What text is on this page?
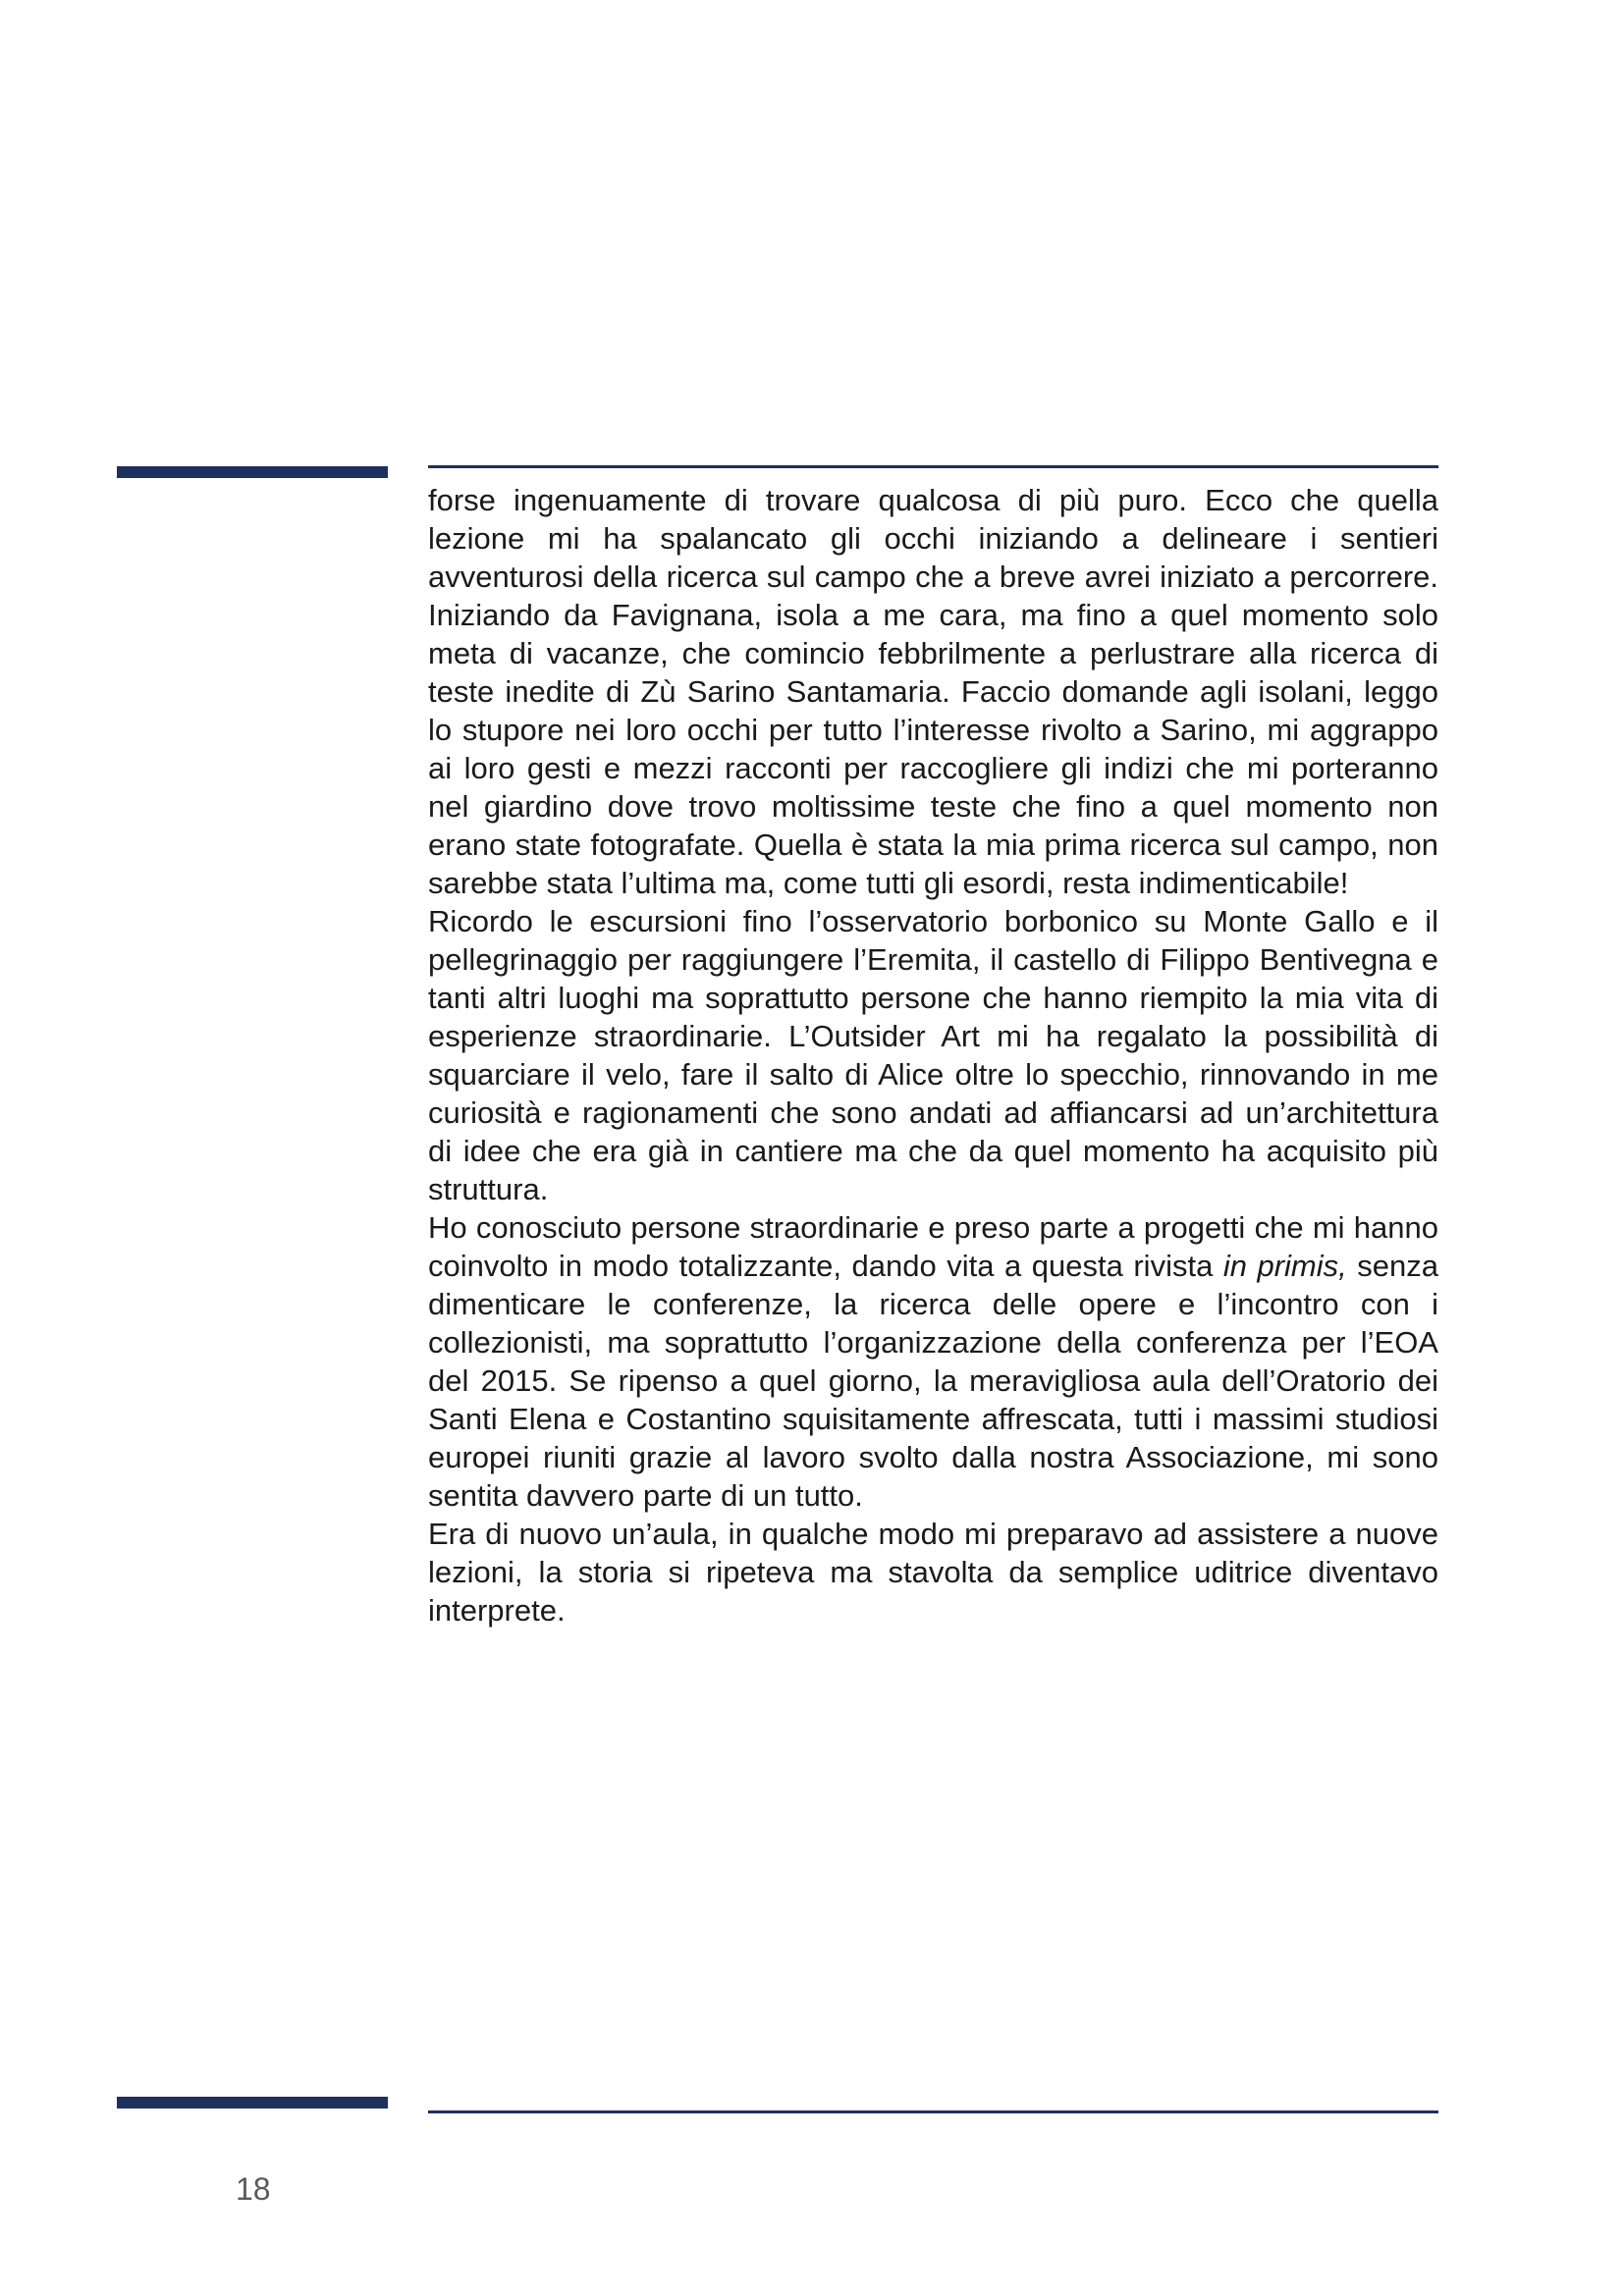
forse ingenuamente di trovare qualcosa di più puro. Ecco che quella lezione mi ha spalancato gli occhi iniziando a delineare i sentieri avventurosi della ricerca sul campo che a breve avrei iniziato a percorrere. Iniziando da Favignana, isola a me cara, ma fino a quel momento solo meta di vacanze, che comincio febbrilmente a perlustrare alla ricerca di teste inedite di Zù Sarino Santamaria. Faccio domande agli isolani, leggo lo stupore nei loro occhi per tutto l’interesse rivolto a Sarino, mi aggrappo ai loro gesti e mezzi racconti per raccogliere gli indizi che mi porteranno nel giardino dove trovo moltissime teste che fino a quel momento non erano state fotografate. Quella è stata la mia prima ricerca sul campo, non sarebbe stata l’ultima ma, come tutti gli esordi, resta indimenticabile!

Ricordo le escursioni fino l’osservatorio borbonico su Monte Gallo e il pellegrinaggio per raggiungere l’Eremita, il castello di Filippo Bentivegna e tanti altri luoghi ma soprattutto persone che hanno riempito la mia vita di esperienze straordinarie. L’Outsider Art mi ha regalato la possibilità di squarciare il velo, fare il salto di Alice oltre lo specchio, rinnovando in me curiosità e ragionamenti che sono andati ad affiancarsi ad un’architettura di idee che era già in cantiere ma che da quel momento ha acquisito più struttura.

Ho conosciuto persone straordinarie e preso parte a progetti che mi hanno coinvolto in modo totalizzante, dando vita a questa rivista in primis, senza dimenticare le conferenze, la ricerca delle opere e l’incontro con i collezionisti, ma soprattutto l’organizzazione della conferenza per l’EOA del 2015. Se ripenso a quel giorno, la meravigliosa aula dell’Oratorio dei Santi Elena e Costantino squisitamente affrescata, tutti i massimi studiosi europei riuniti grazie al lavoro svolto dalla nostra Associazione, mi sono sentita davvero parte di un tutto.

Era di nuovo un’aula, in qualche modo mi preparavo ad assistere a nuove lezioni, la storia si ripeteva ma stavolta da semplice uditrice diventavo interprete.

18
